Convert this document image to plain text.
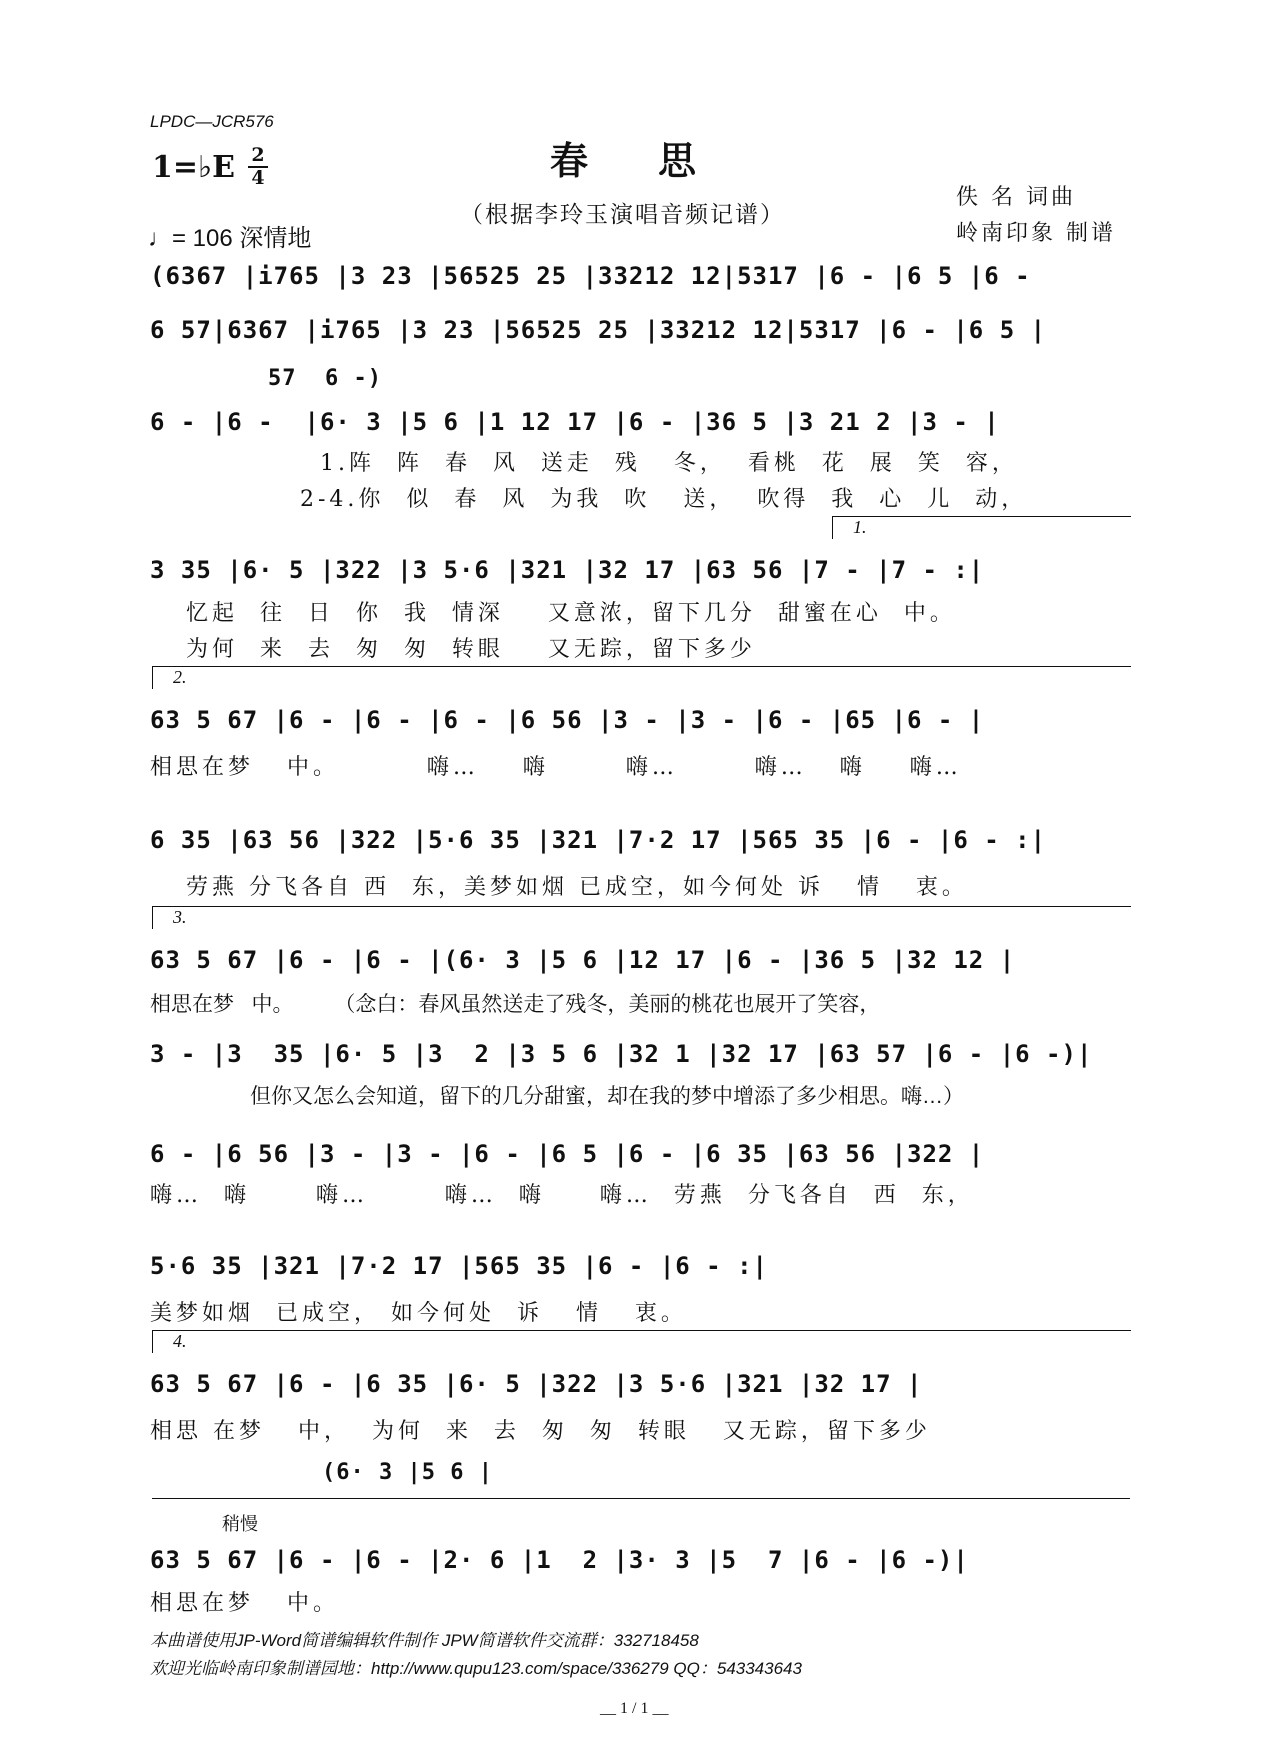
LPDC—JCR576
春思
（根据李玲玉演唱音频记谱）
1=♭E 2
4
♩= 106 深情地
佚 名 词曲
岭南印象 制谱
(6367 |i765 |3 23 |56525 25 |33212 12|5317 |6 - |6 5 |6 -
6 57|6367 |i765 |3 23 |56525 25 |33212 12|5317 |6 - |6 5 |
57  6 -)
6 - |6 -  |6· 3 |5 6 |1 12 17 |6 - |36 5 |3 21 2 |3 - |
1.阵  阵  春  风  送走  残   冬，  看桃  花  展  笑  容，
2-4.你  似  春  风  为我  吹   送，  吹得  我  心  儿  动，
1.
3 35 |6· 5 |322 |3 5·6 |321 |32 17 |63 56 |7 - |7 - :|
忆起  往  日  你  我  情深    又意浓，留下几分  甜蜜在心  中。
为何  来  去  匆  匆  转眼    又无踪，留下多少
2.
63 5 67 |6 - |6 - |6 - |6 56 |3 - |3 - |6 - |65 |6 - |
相思在梦   中。        嗨…    嗨       嗨…       嗨…   嗨    嗨…
6 35 |63 56 |322 |5·6 35 |321 |7·2 17 |565 35 |6 - |6 - :|
劳燕 分飞各自 西  东，美梦如烟 已成空，如今何处 诉   情   衷。
3.
63 5 67 |6 - |6 - |(6· 3 |5 6 |12 17 |6 - |36 5 |32 12 |
相思在梦   中。       （念白：春风虽然送走了残冬，美丽的桃花也展开了笑容，
3 - |3  35 |6· 5 |3  2 |3 5 6 |32 1 |32 17 |63 57 |6 - |6 -)|
但你又怎么会知道，留下的几分甜蜜，却在我的梦中增添了多少相思。嗨…）
6 - |6 56 |3 - |3 - |6 - |6 5 |6 - |6 35 |63 56 |322 |
嗨…  嗨      嗨…       嗨…  嗨     嗨…  劳燕  分飞各自  西  东，
5·6 35 |321 |7·2 17 |565 35 |6 - |6 - :|
美梦如烟  已成空， 如今何处  诉   情   衷。
4.
63 5 67 |6 - |6 35 |6· 5 |322 |3 5·6 |321 |32 17 |
相思 在梦   中，  为何  来  去  匆  匆  转眼   又无踪，留下多少
(6· 3 |5 6 |
稍慢
63 5 67 |6 - |6 - |2· 6 |1  2 |3· 3 |5  7 |6 - |6 -)|
相思在梦   中。
本曲谱使用JP-Word简谱编辑软件制作 JPW简谱软件交流群：332718458
欢迎光临岭南印象制谱园地：http://www.qupu123.com/space/336279 QQ：543343643
__ 1 / 1 __
